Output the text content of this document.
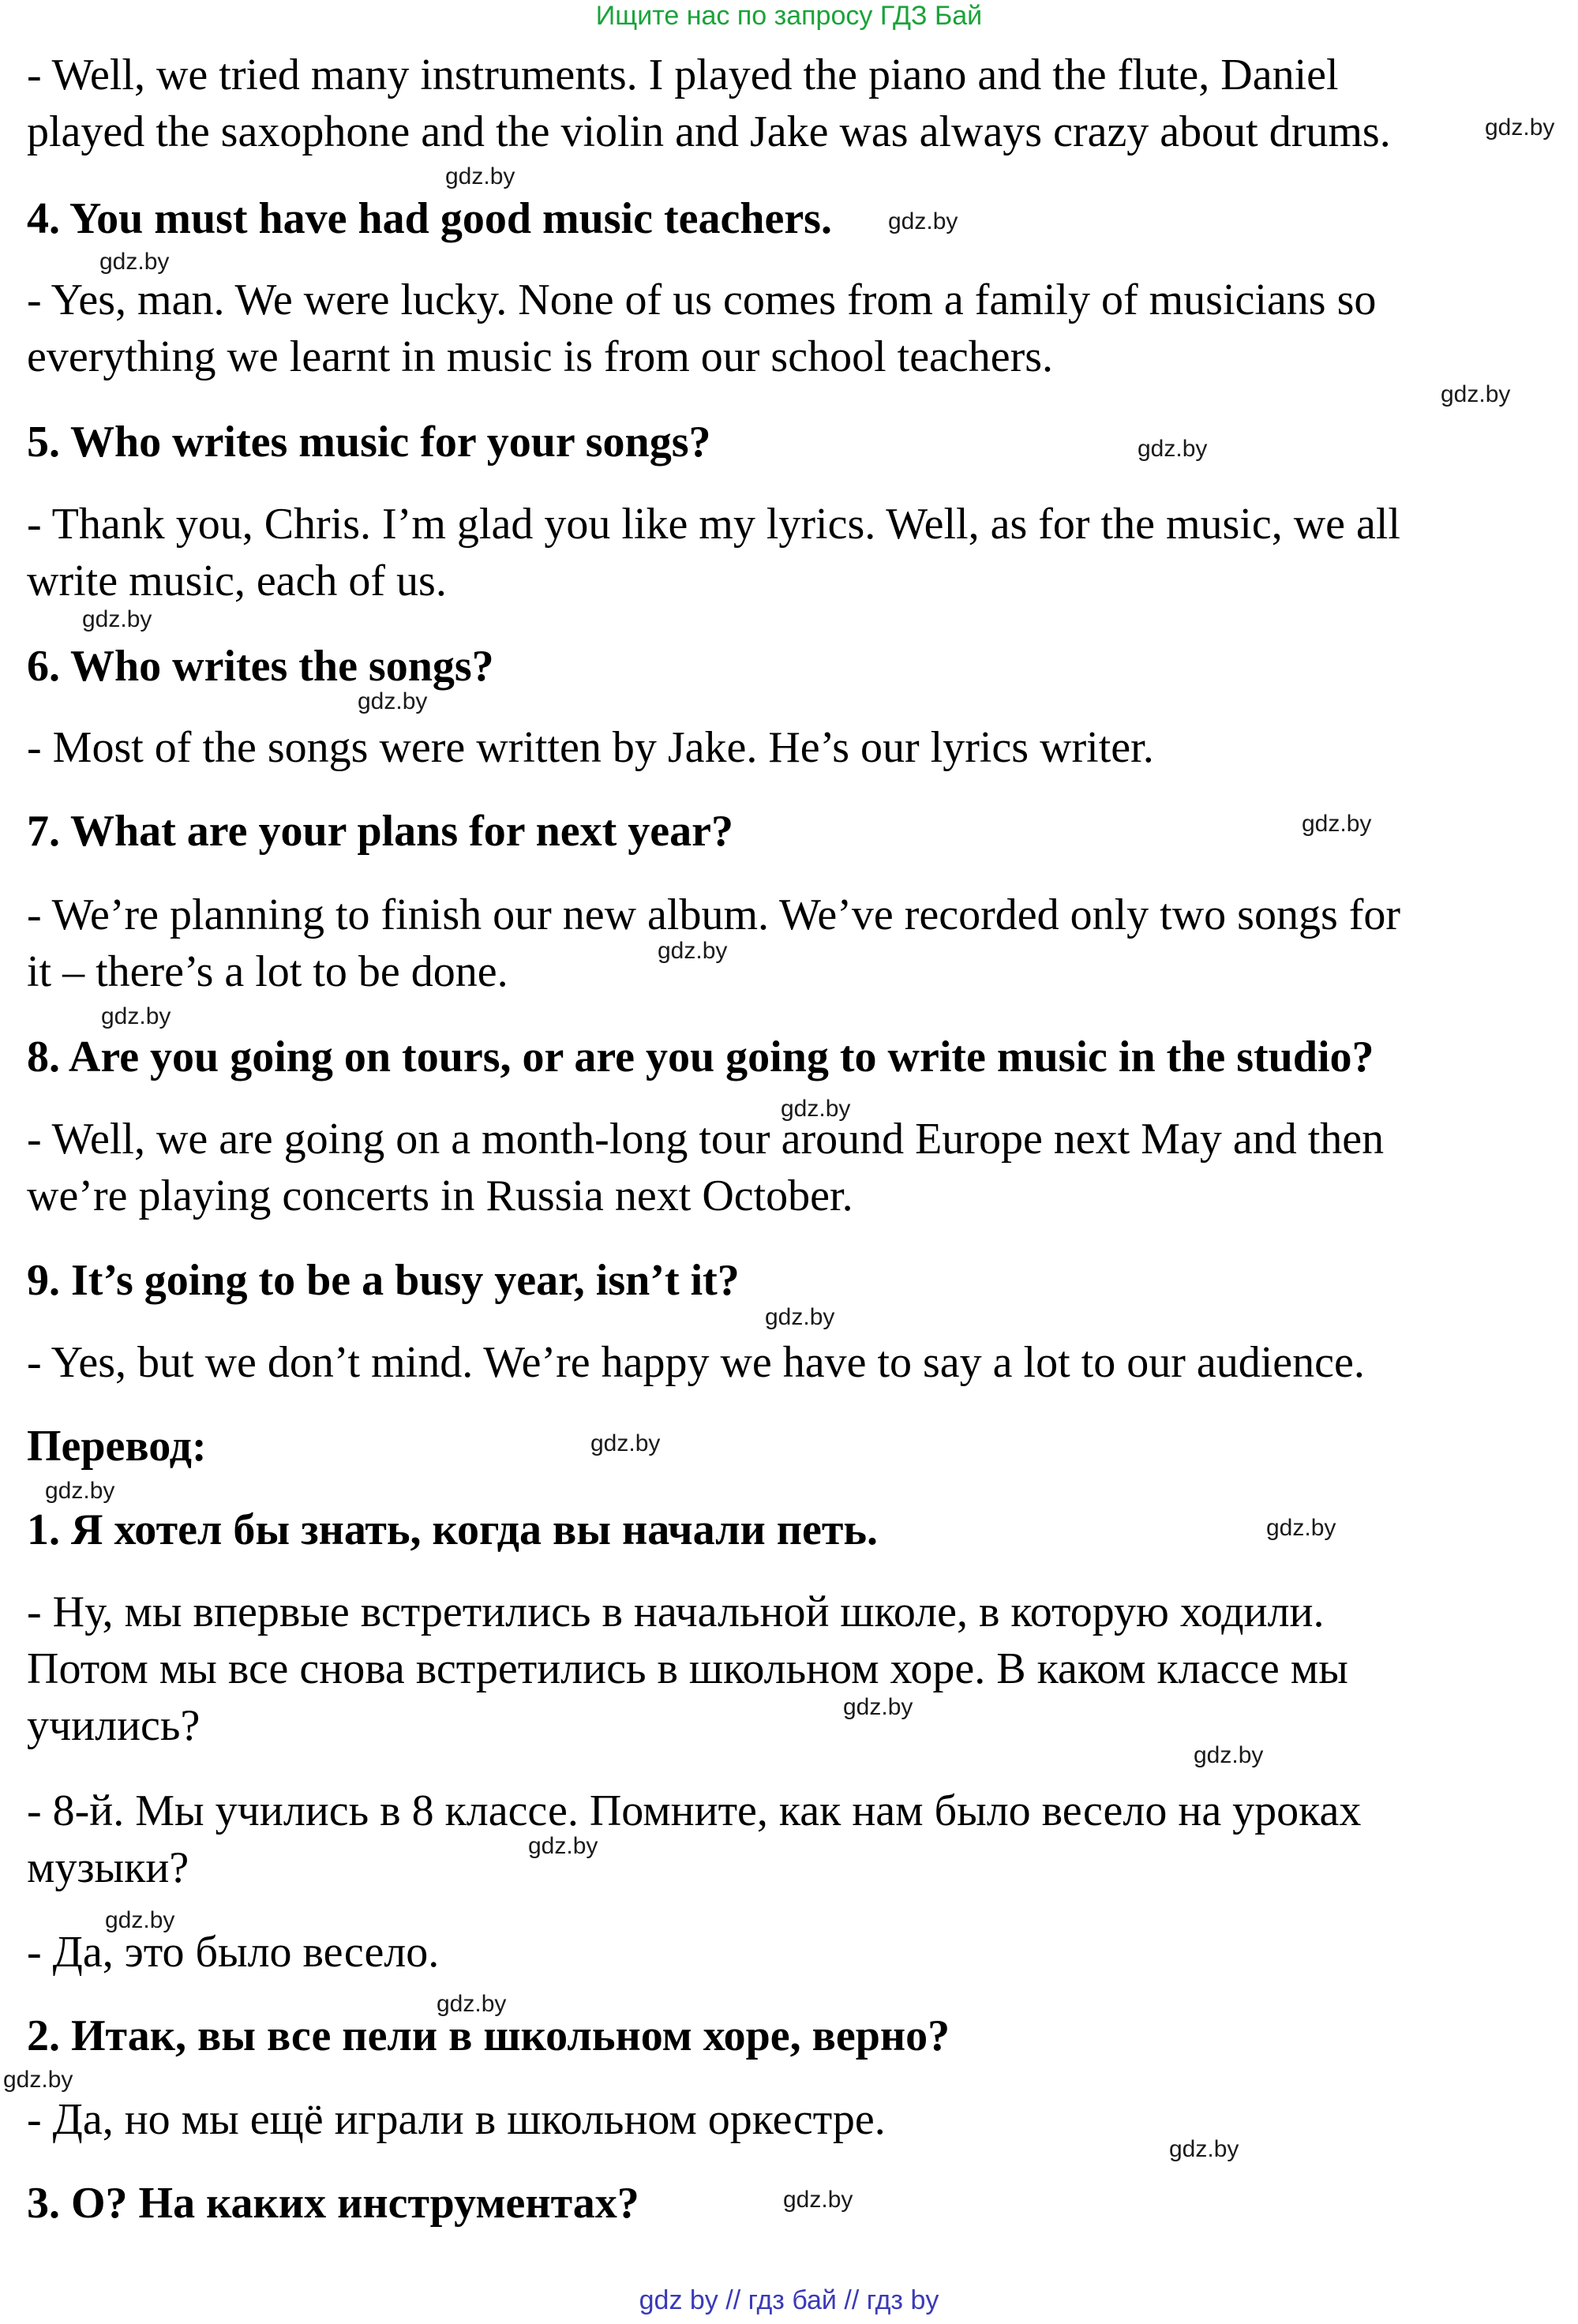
Ищите нас по запросу ГДЗ Бай
- Well, we tried many instruments. I played the piano and the flute, Daniel
played the saxophone and the violin and Jake was always crazy about drums.
4. You must have had good music teachers.
- Yes, man. We were lucky. None of us comes from a family of musicians so
everything we learnt in music is from our school teachers.
5. Who writes music for your songs?
- Thank you, Chris. I’m glad you like my lyrics. Well, as for the music, we all
write music, each of us.
6. Who writes the songs?
- Most of the songs were written by Jake. He’s our lyrics writer.
7. What are your plans for next year?
- We’re planning to finish our new album. We’ve recorded only two songs for
it – there’s a lot to be done.
8. Are you going on tours, or are you going to write music in the studio?
- Well, we are going on a month-long tour around Europe next May and then
we’re playing concerts in Russia next October.
9. It’s going to be a busy year, isn’t it?
- Yes, but we don’t mind. We’re happy we have to say a lot to our audience.
Перевод:
1. Я хотел бы знать, когда вы начали петь.
- Ну, мы впервые встретились в начальной школе, в которую ходили.
Потом мы все снова встретились в школьном хоре. В каком классе мы
учились?
- 8-й. Мы учились в 8 классе. Помните, как нам было весело на уроках
музыки?
- Да, это было весело.
2. Итак, вы все пели в школьном хоре, верно?
- Да, но мы ещё играли в школьном оркестре.
3. О? На каких инструментах?
gdz.by
gdz.by
gdz.by
gdz.by
gdz.by
gdz.by
gdz.by
gdz.by
gdz.by
gdz.by
gdz.by
gdz.by
gdz.by
gdz.by
gdz.by
gdz.by
gdz.by
gdz.by
gdz.by
gdz.by
gdz.by
gdz.by
gdz.by
gdz.by
gdz by // гдз бай // гдз by
